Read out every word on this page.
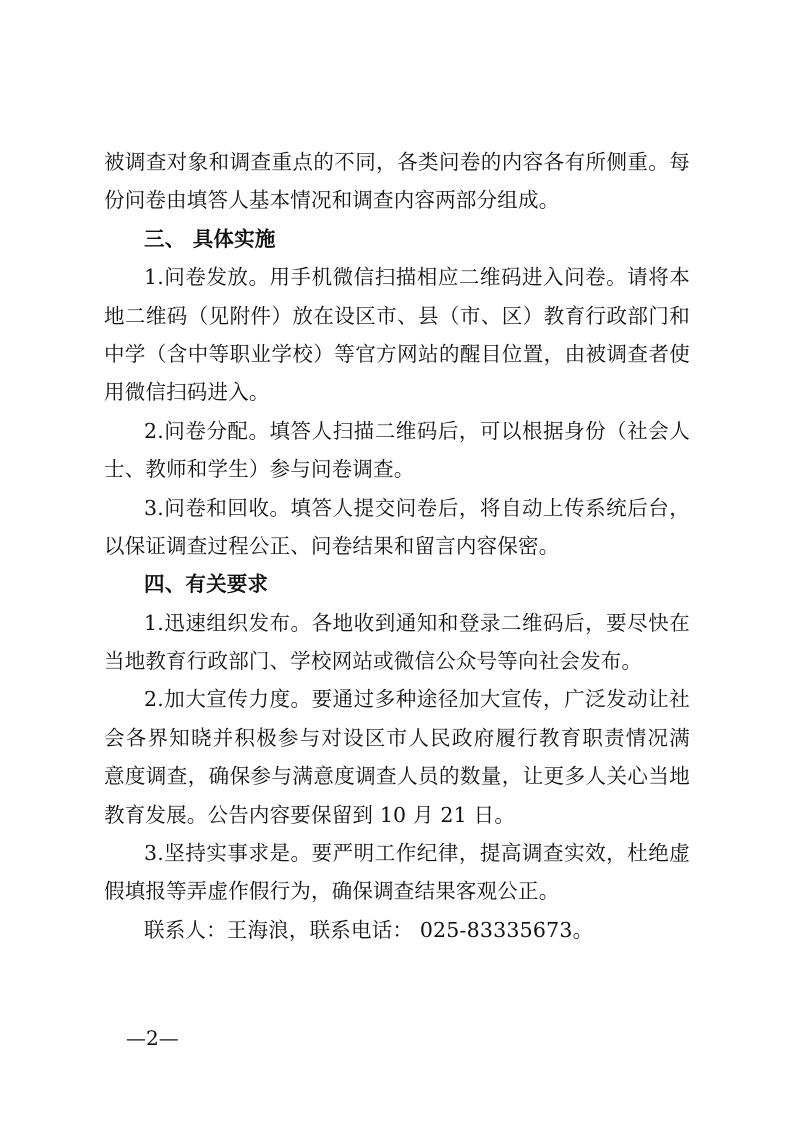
被调查对象和调查重点的不同，各类问卷的内容各有所侧重。每
份问卷由填答人基本情况和调查内容两部分组成。
三、 具体实施
1.问卷发放。用手机微信扫描相应二维码进入问卷。请将本
地二维码（见附件）放在设区市、县（市、区）教育行政部门和
中学（含中等职业学校）等官方网站的醒目位置，由被调查者使
用微信扫码进入。
2.问卷分配。填答人扫描二维码后，可以根据身份（社会人
士、教师和学生）参与问卷调查。
3.问卷和回收。填答人提交问卷后，将自动上传系统后台，
以保证调查过程公正、问卷结果和留言内容保密。
四、有关要求
1.迅速组织发布。各地收到通知和登录二维码后，要尽快在
当地教育行政部门、学校网站或微信公众号等向社会发布。
2.加大宣传力度。要通过多种途径加大宣传，广泛发动让社
会各界知晓并积极参与对设区市人民政府履行教育职责情况满
意度调查，确保参与满意度调查人员的数量，让更多人关心当地
教育发展。公告内容要保留到 10 月 21 日。
3.坚持实事求是。要严明工作纪律，提高调查实效，杜绝虚
假填报等弄虚作假行为，确保调查结果客观公正。
联系人：王海浪，联系电话： 025-83335673。
—2—
